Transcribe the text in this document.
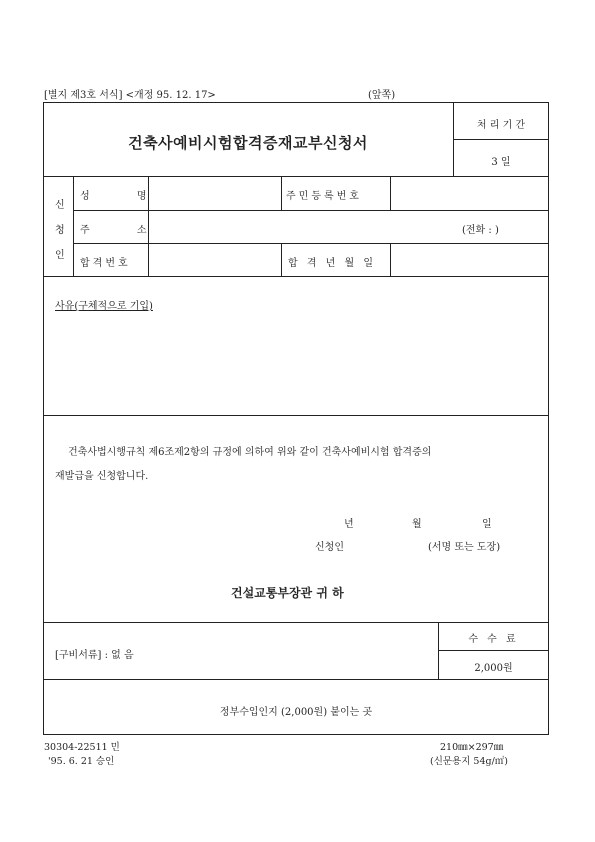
[별지 제3호 서식] <개정 95. 12. 17>	(앞쪽)
건축사예비시험합격증재교부신청서
처 리 기 간
3 일
신
청
인
성 명	주민등록번호
주 소	(전화 : )
합격번호	합 격 년 월 일
사유(구체적으로 기입)
건축사법시행규칙 제6조제2항의 규정에 의하여 위와 같이 건축사예비시험 합격증의
재발급을 신청합니다.
년	월	일
신청인	(서명 또는 도장)
건설교통부장관 귀 하
[구비서류] : 없 음
수 수 료
2,000원
정부수입인지 (2,000원) 붙이는 곳
30304-22511 민
'95. 6. 21 승인
210㎜×297㎜
(신문용지 54g/㎡)
